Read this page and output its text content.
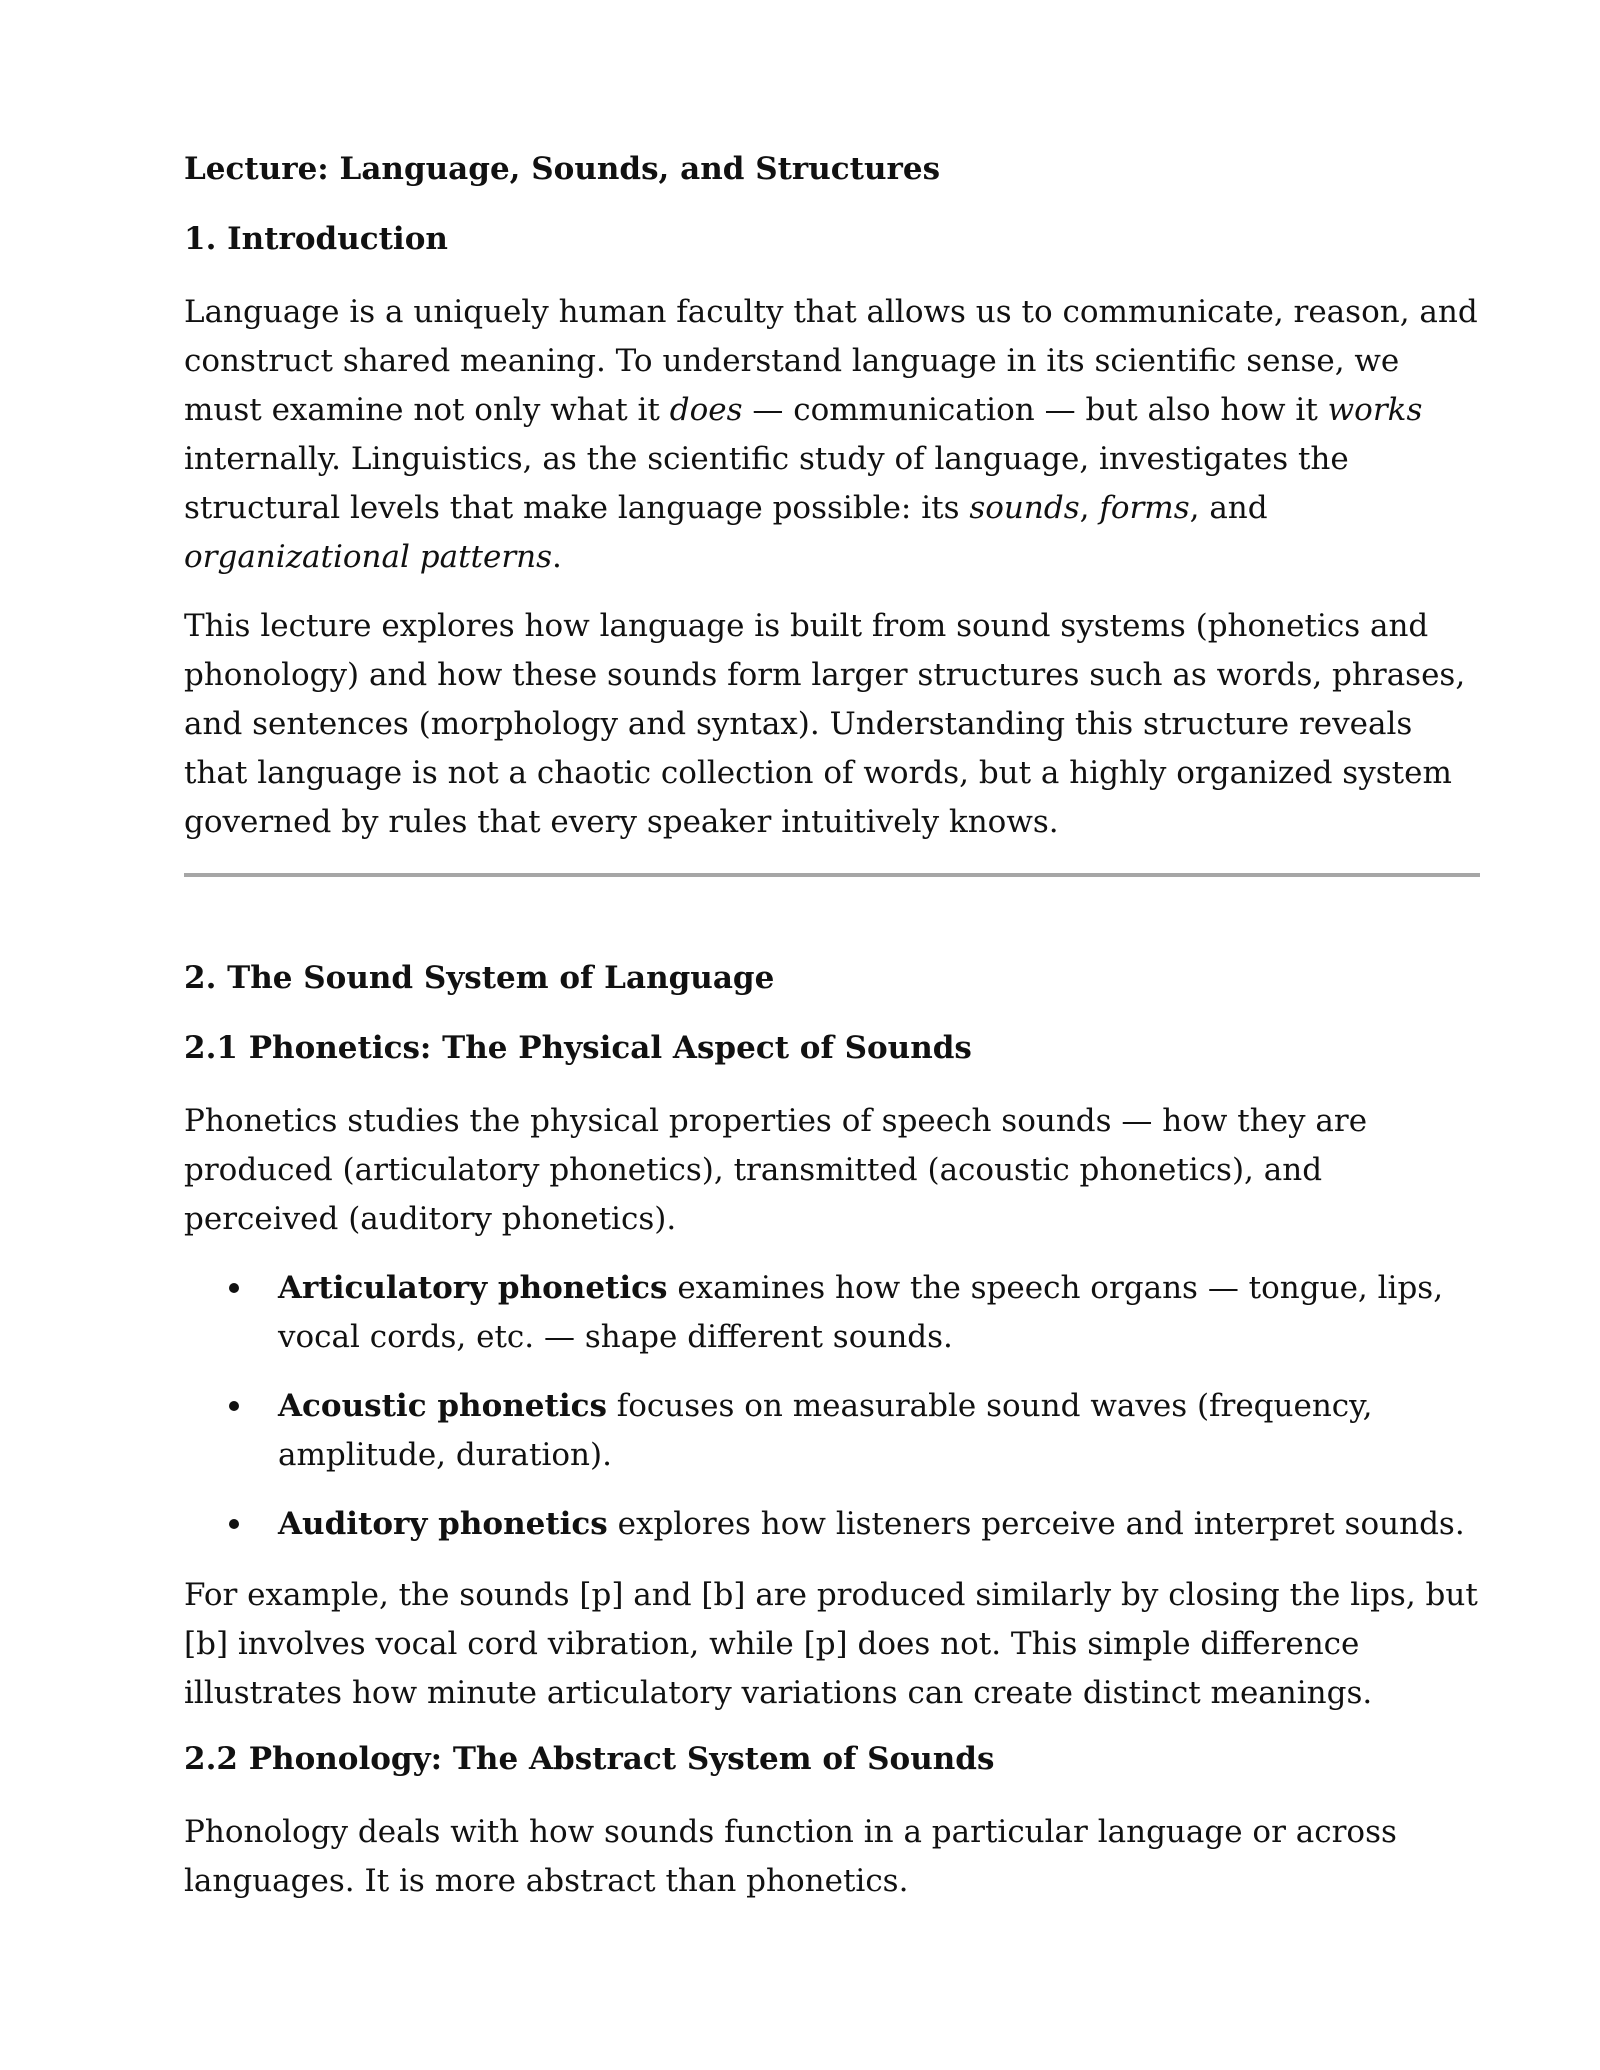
Lecture: Language, Sounds, and Structures
1. Introduction

Language is a uniquely human faculty that allows us to communicate, reason, and construct shared meaning. To understand language in its scientific sense, we must examine not only what it does — communication — but also how it works internally. Linguistics, as the scientific study of language, investigates the structural levels that make language possible: its sounds, forms, and organizational patterns.

This lecture explores how language is built from sound systems (phonetics and phonology) and how these sounds form larger structures such as words, phrases, and sentences (morphology and syntax). Understanding this structure reveals that language is not a chaotic collection of words, but a highly organized system governed by rules that every speaker intuitively knows.

2. The Sound System of Language
2.1 Phonetics: The Physical Aspect of Sounds

Phonetics studies the physical properties of speech sounds — how they are produced (articulatory phonetics), transmitted (acoustic phonetics), and perceived (auditory phonetics).

Articulatory phonetics examines how the speech organs — tongue, lips, vocal cords, etc. — shape different sounds.
Acoustic phonetics focuses on measurable sound waves (frequency, amplitude, duration).
Auditory phonetics explores how listeners perceive and interpret sounds.

For example, the sounds [p] and [b] are produced similarly by closing the lips, but [b] involves vocal cord vibration, while [p] does not. This simple difference illustrates how minute articulatory variations can create distinct meanings.

2.2 Phonology: The Abstract System of Sounds

Phonology deals with how sounds function in a particular language or across languages. It is more abstract than phonetics.
